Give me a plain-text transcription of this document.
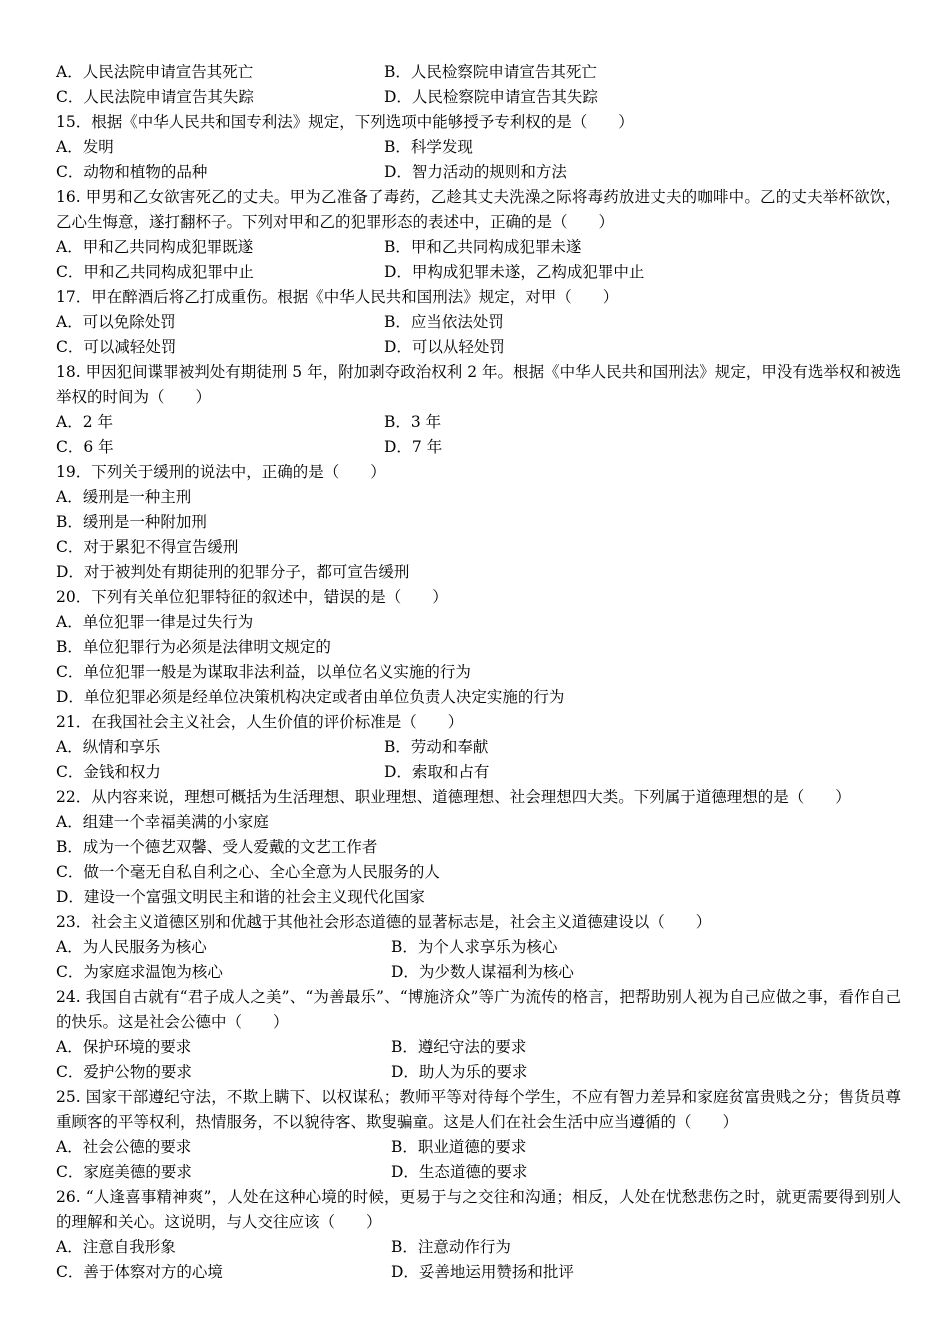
A．人民法院申请宣告其死亡	B．人民检察院申请宣告其死亡
C．人民法院申请宣告其失踪	D．人民检察院申请宣告其失踪
15．根据《中华人民共和国专利法》规定，下列选项中能够授予专利权的是（　　）
A．发明	B．科学发现
C．动物和植物的品种	D．智力活动的规则和方法
16. 甲男和乙女欲害死乙的丈夫。甲为乙准备了毒药，乙趁其丈夫洗澡之际将毒药放进丈夫的咖啡中。乙的丈夫举杯欲饮，乙心生悔意，遂打翻杯子。下列对甲和乙的犯罪形态的表述中，正确的是（　　）
A．甲和乙共同构成犯罪既遂	B．甲和乙共同构成犯罪未遂
C．甲和乙共同构成犯罪中止	D．甲构成犯罪未遂，乙构成犯罪中止
17．甲在醉酒后将乙打成重伤。根据《中华人民共和国刑法》规定，对甲（　　）
A．可以免除处罚	B．应当依法处罚
C．可以减轻处罚	D．可以从轻处罚
18. 甲因犯间谍罪被判处有期徒刑 5 年，附加剥夺政治权利 2 年。根据《中华人民共和国刑法》规定，甲没有选举权和被选举权的时间为（　　）
A．2 年	B．3 年
C．6 年	D．7 年
19．下列关于缓刑的说法中，正确的是（　　）
A．缓刑是一种主刑
B．缓刑是一种附加刑
C．对于累犯不得宣告缓刑
D．对于被判处有期徒刑的犯罪分子，都可宣告缓刑
20．下列有关单位犯罪特征的叙述中，错误 • •的是（　　）
A．单位犯罪一律是过失行为
B．单位犯罪行为必须是法律明文规定的
C．单位犯罪一般是为谋取非法利益，以单位名义实施的行为
D．单位犯罪必须是经单位决策机构决定或者由单位负责人决定实施的行为
21．在我国社会主义社会，人生价值的评价标准是（　　）
A．纵情和享乐	B．劳动和奉献
C．金钱和权力	D．索取和占有
22．从内容来说，理想可概括为生活理想、职业理想、道德理想、社会理想四大类。下列属于道德理想的是（　　）
A．组建一个幸福美满的小家庭
B．成为一个德艺双馨、受人爱戴的文艺工作者
C．做一个毫无自私自利之心、全心全意为人民服务的人
D．建设一个富强文明民主和谐的社会主义现代化国家
23．社会主义道德区别和优越于其他社会形态道德的显著标志是，社会主义道德建设以（　　）
A．为人民服务为核心	B．为个人求享乐为核心
C．为家庭求温饱为核心	D．为少数人谋福利为核心
24. 我国自古就有“君子成人之美”、“为善最乐”、“博施济众”等广为流传的格言，把帮助别人视为自己应做之事，看作自己的快乐。这是社会公德中（　　）
A．保护环境的要求	B．遵纪守法的要求
C．爱护公物的要求	D．助人为乐的要求
25. 国家干部遵纪守法，不欺上瞒下、以权谋私；教师平等对待每个学生，不应有智力差异和家庭贫富贵贱之分；售货员尊重顾客的平等权利，热情服务，不以貌待客、欺叟骗童。这是人们在社会生活中应当遵循的（　　）
A．社会公德的要求	B．职业道德的要求
C．家庭美德的要求	D．生态道德的要求
26. “人逢喜事精神爽”，人处在这种心境的时候，更易于与之交往和沟通；相反，人处在忧愁悲伤之时，就更需要得到别人的理解和关心。这说明，与人交往应该（　　）
A．注意自我形象	B．注意动作行为
C．善于体察对方的心境	D．妥善地运用赞扬和批评
